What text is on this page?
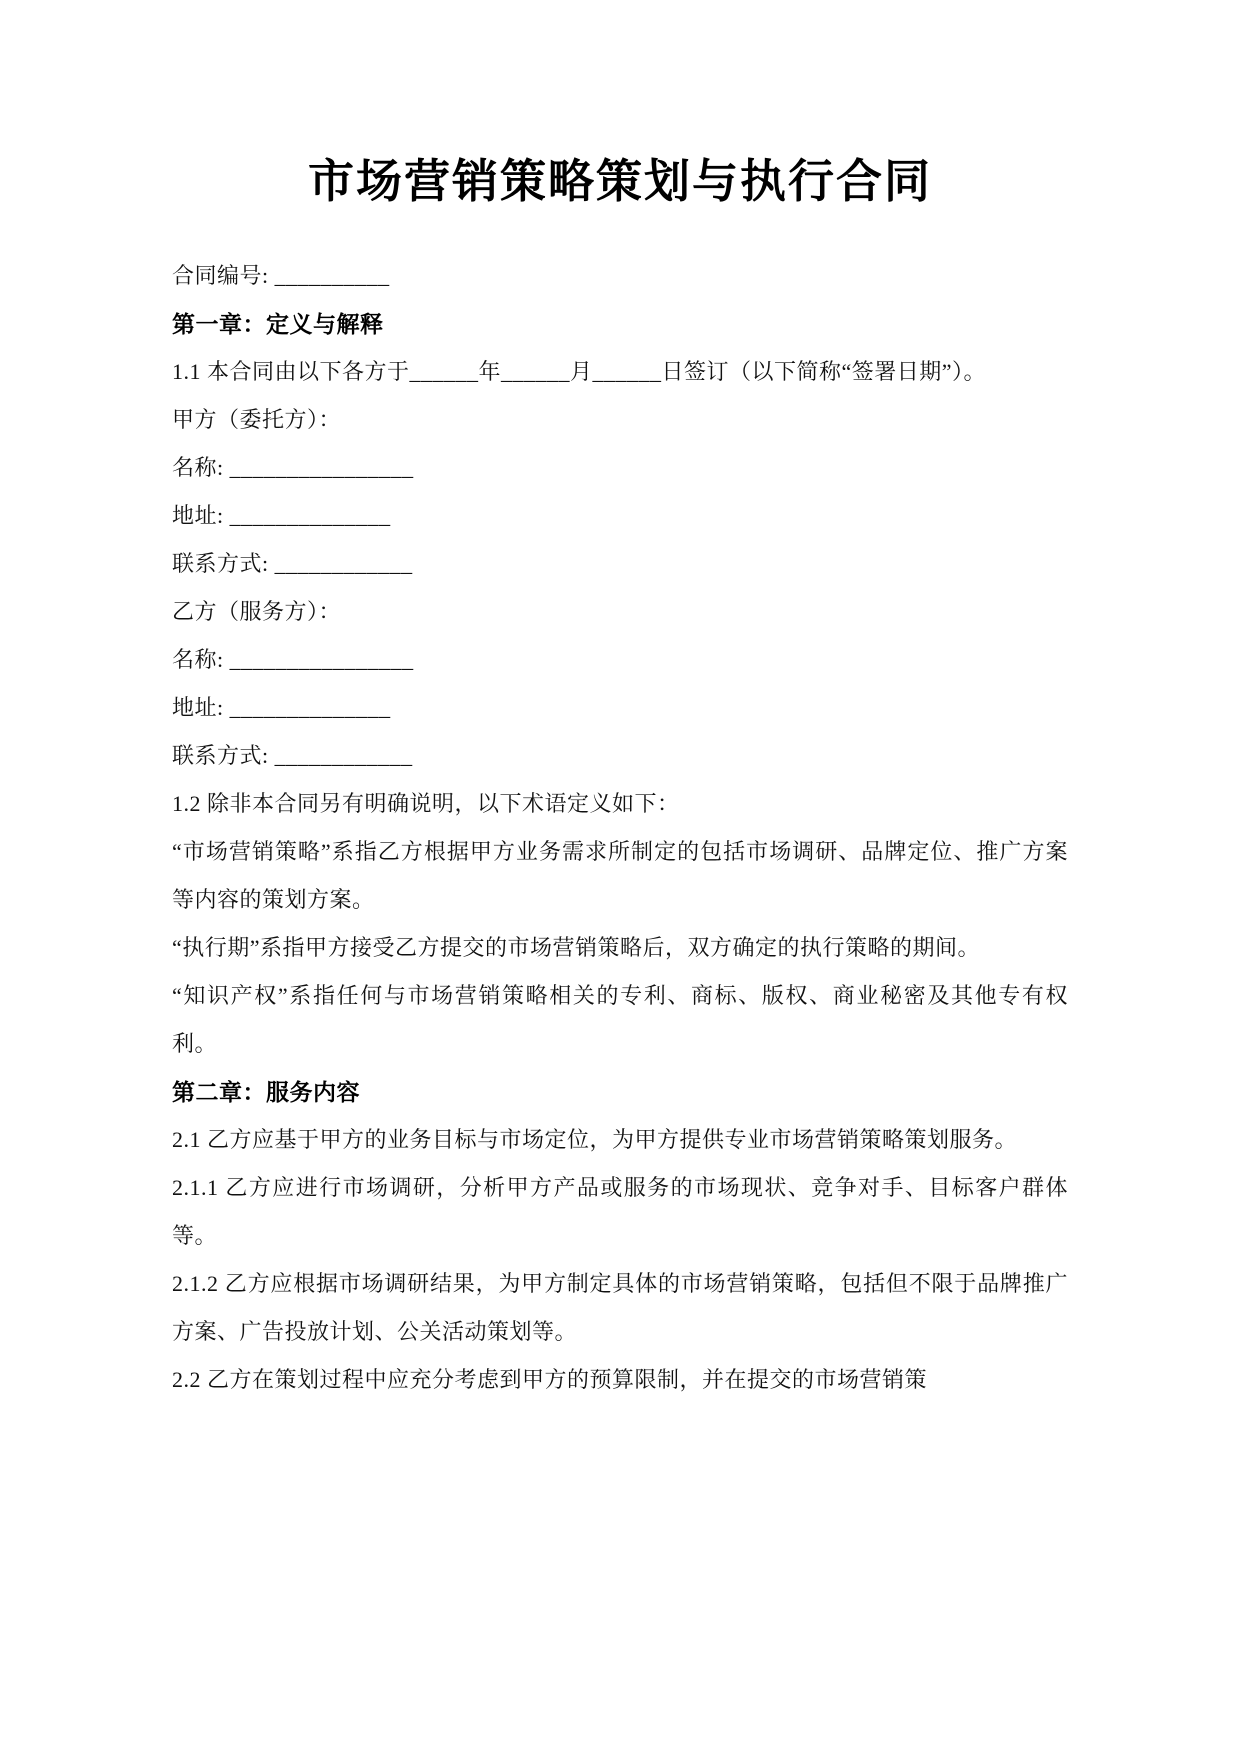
市场营销策略策划与执行合同

合同编号: __________

第一章：定义与解释

1.1 本合同由以下各方于______年______月______日签订（以下简称“签署日期”）。

甲方（委托方）：

名称: ________________

地址: ______________

联系方式: ____________

乙方（服务方）：

名称: ________________

地址: ______________

联系方式: ____________

1.2 除非本合同另有明确说明，以下术语定义如下：

“市场营销策略”系指乙方根据甲方业务需求所制定的包括市场调研、品牌定位、推广方案等内容的策划方案。

“执行期”系指甲方接受乙方提交的市场营销策略后，双方确定的执行策略的期间。

“知识产权”系指任何与市场营销策略相关的专利、商标、版权、商业秘密及其他专有权利。

第二章：服务内容

2.1 乙方应基于甲方的业务目标与市场定位，为甲方提供专业市场营销策略策划服务。

2.1.1 乙方应进行市场调研，分析甲方产品或服务的市场现状、竞争对手、目标客户群体等。

2.1.2 乙方应根据市场调研结果，为甲方制定具体的市场营销策略，包括但不限于品牌推广方案、广告投放计划、公关活动策划等。

2.2 乙方在策划过程中应充分考虑到甲方的预算限制，并在提交的市场营销策
